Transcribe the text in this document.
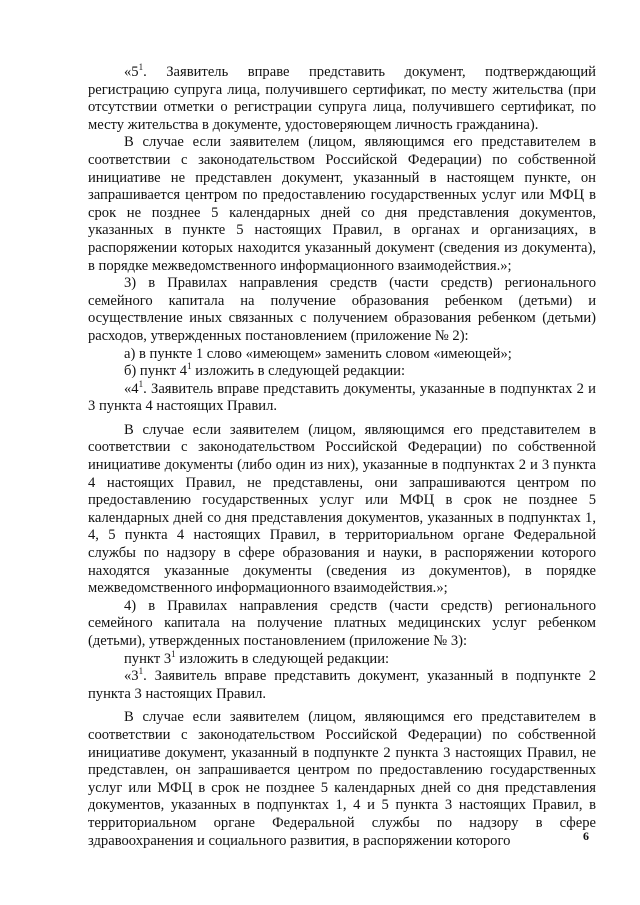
«$5^1$. Заявитель вправе представить документ, подтверждающий регистрацию супруга лица, получившего сертификат, по месту жительства (при отсутствии отметки о регистрации супруга лица, получившего сертификат, по месту жительства в документе, удостоверяющем личность гражданина).

В случае если заявителем (лицом, являющимся его представителем в соответствии с законодательством Российской Федерации) по собственной инициативе не представлен документ, указанный в настоящем пункте, он запрашивается центром по предоставлению государственных услуг или МФЦ в срок не позднее 5 календарных дней со дня представления документов, указанных в пункте 5 настоящих Правил, в органах и организациях, в распоряжении которых находится указанный документ (сведения из документа), в порядке межведомственного информационного взаимодействия.»;

3) в Правилах направления средств (части средств) регионального семейного капитала на получение образования ребенком (детьми) и осуществление иных связанных с получением образования ребенком (детьми) расходов, утвержденных постановлением (приложение № 2):

а) в пункте 1 слово «имеющем» заменить словом «имеющей»;

б) пункт $4^1$ изложить в следующей редакции:

«$4^1$. Заявитель вправе представить документы, указанные в подпунктах 2 и 3 пункта 4 настоящих Правил.

В случае если заявителем (лицом, являющимся его представителем в соответствии с законодательством Российской Федерации) по собственной инициативе документы (либо один из них), указанные в подпунктах 2 и 3 пункта 4 настоящих Правил, не представлены, они запрашиваются центром по предоставлению государственных услуг или МФЦ в срок не позднее 5 календарных дней со дня представления документов, указанных в подпунктах 1, 4, 5 пункта 4 настоящих Правил, в территориальном органе Федеральной службы по надзору в сфере образования и науки, в распоряжении которого находятся указанные документы (сведения из документов), в порядке межведомственного информационного взаимодействия.»;

4) в Правилах направления средств (части средств) регионального семейного капитала на получение платных медицинских услуг ребенком (детьми), утвержденных постановлением (приложение № 3):

пункт $3^1$ изложить в следующей редакции:

«$3^1$. Заявитель вправе представить документ, указанный в подпункте 2 пункта 3 настоящих Правил.

В случае если заявителем (лицом, являющимся его представителем в соответствии с законодательством Российской Федерации) по собственной инициативе документ, указанный в подпункте 2 пункта 3 настоящих Правил, не представлен, он запрашивается центром по предоставлению государственных услуг или МФЦ в срок не позднее 5 календарных дней со дня представления документов, указанных в подпунктах 1, 4 и 5 пункта 3 настоящих Правил, в территориальном органе Федеральной службы по надзору в сфере здравоохранения и социального развития, в распоряжении которого	6
